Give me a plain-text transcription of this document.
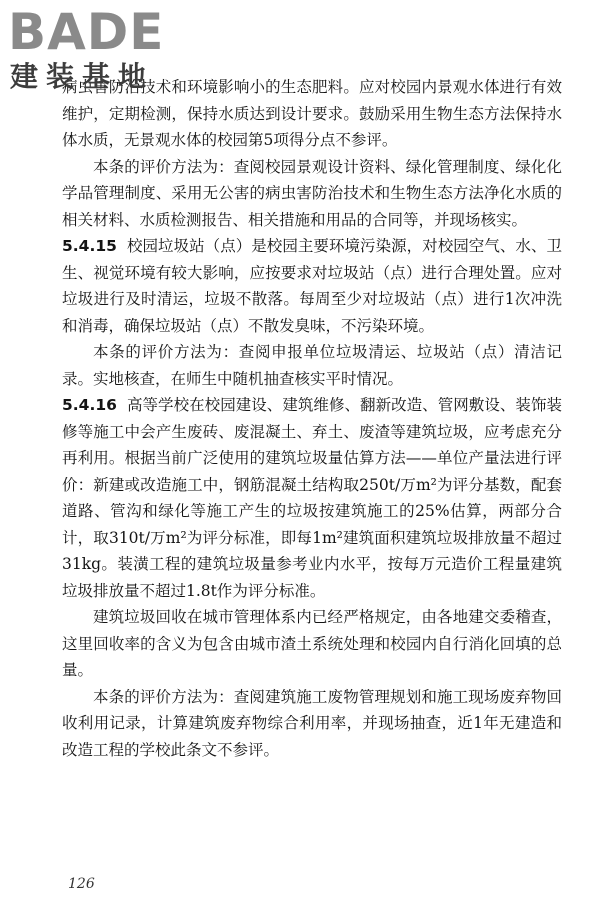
BADE
建装基地

病虫害防治技术和环境影响小的生态肥料。应对校园内景观水体进行有效维护，定期检测，保持水质达到设计要求。鼓励采用生物生态方法保持水体水质，无景观水体的校园第5项得分点不参评。

本条的评价方法为：查阅校园景观设计资料、绿化管理制度、绿化化学品管理制度、采用无公害的病虫害防治技术和生物生态方法净化水质的相关材料、水质检测报告、相关措施和用品的合同等，并现场核实。

5.4.15 校园垃圾站（点）是校园主要环境污染源，对校园空气、水、卫生、视觉环境有较大影响，应按要求对垃圾站（点）进行合理处置。应对垃圾进行及时清运，垃圾不散落。每周至少对垃圾站（点）进行1次冲洗和消毒，确保垃圾站（点）不散发臭味，不污染环境。

本条的评价方法为：查阅申报单位垃圾清运、垃圾站（点）清洁记录。实地核查，在师生中随机抽查核实平时情况。

5.4.16 高等学校在校园建设、建筑维修、翻新改造、管网敷设、装饰装修等施工中会产生废砖、废混凝土、弃土、废渣等建筑垃圾，应考虑充分再利用。根据当前广泛使用的建筑垃圾量估算方法——单位产量法进行评价：新建或改造施工中，钢筋混凝土结构取250t/万m²为评分基数，配套道路、管沟和绿化等施工产生的垃圾按建筑施工的25%估算，两部分合计，取310t/万m²为评分标准，即每1m²建筑面积建筑垃圾排放量不超过31kg。装潢工程的建筑垃圾量参考业内水平，按每万元造价工程量建筑垃圾排放量不超过1.8t作为评分标准。

建筑垃圾回收在城市管理体系内已经严格规定，由各地建交委稽查，这里回收率的含义为包含由城市渣土系统处理和校园内自行消化回填的总量。

本条的评价方法为：查阅建筑施工废物管理规划和施工现场废弃物回收利用记录，计算建筑废弃物综合利用率，并现场抽查，近1年无建造和改造工程的学校此条文不参评。

126
